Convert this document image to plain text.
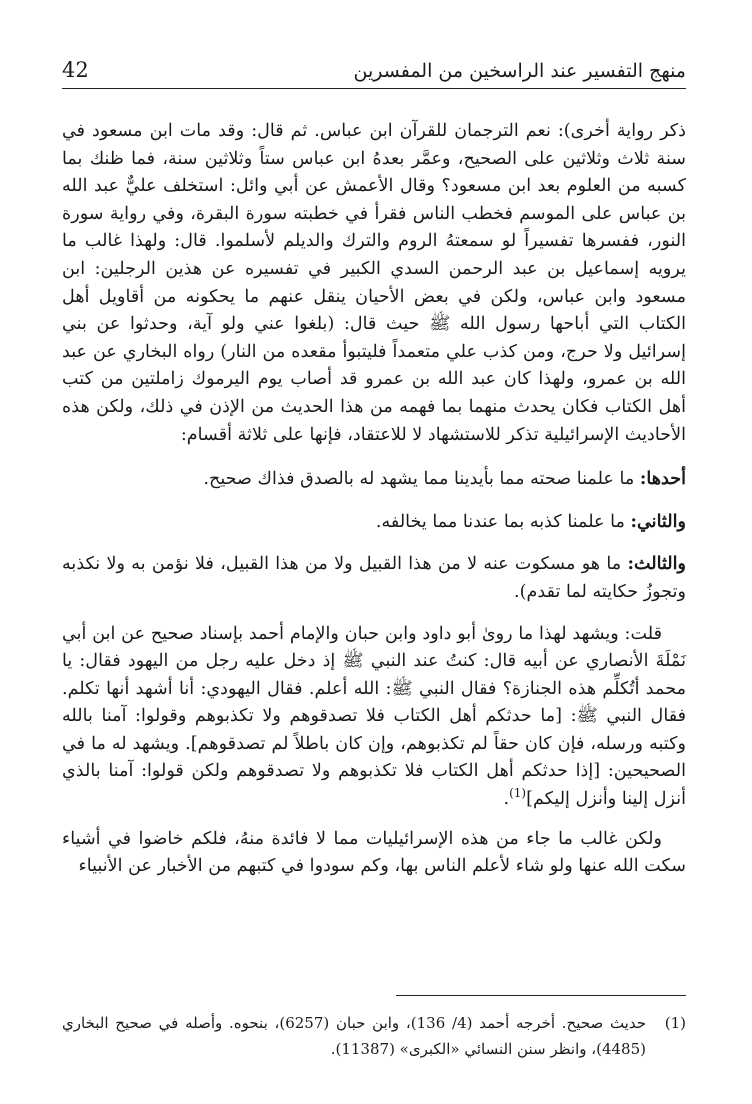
منهج التفسير عند الراسخين من المفسرين
42

ذكر رواية أخرى): نعم الترجمان للقرآن ابن عباس. ثم قال: وقد مات ابن مسعود في سنة ثلاث وثلاثين على الصحيح، وعمَّر بعدهُ ابن عباس ستاً وثلاثين سنة، فما ظنك بما كسبه من العلوم بعد ابن مسعود؟ وقال الأعمش عن أبي وائل: استخلف عليٌّ عبد الله بن عباس على الموسم فخطب الناس فقرأ في خطبته سورة البقرة، وفي رواية سورة النور، ففسرها تفسيراً لو سمعتهُ الروم والترك والديلم لأسلموا. قال: ولهذا غالب ما يرويه إسماعيل بن عبد الرحمن السدي الكبير في تفسيره عن هذين الرجلين: ابن مسعود وابن عباس، ولكن في بعض الأحيان ينقل عنهم ما يحكونه من أقاويل أهل الكتاب التي أباحها رسول الله ﷺ حيث قال: (بلغوا عني ولو آية، وحدثوا عن بني إسرائيل ولا حرج، ومن كذب علي متعمداً فليتبوأ مقعده من النار) رواه البخاري عن عبد الله بن عمرو، ولهذا كان عبد الله بن عمرو قد أصاب يوم اليرموك زاملتين من كتب أهل الكتاب فكان يحدث منهما بما فهمه من هذا الحديث من الإذن في ذلك، ولكن هذه الأحاديث الإسرائيلية تذكر للاستشهاد لا للاعتقاد، فإنها على ثلاثة أقسام:

أحدها: ما علمنا صحته مما بأيدينا مما يشهد له بالصدق فذاك صحيح.

والثاني: ما علمنا كذبه بما عندنا مما يخالفه.

والثالث: ما هو مسكوت عنه لا من هذا القبيل ولا من هذا القبيل، فلا نؤمن به ولا نكذبه وتجوزُ حكايته لما تقدم).

قلت: ويشهد لهذا ما روىٰ أبو داود وابن حبان والإمام أحمد بإسناد صحيح عن ابن أبي نَمْلَةَ الأنصاري عن أبيه قال: كنتُ عند النبي ﷺ إذ دخل عليه رجل من اليهود فقال: يا محمد أتُكلِّم هذه الجنازة؟ فقال النبي ﷺ: الله أعلم. فقال اليهودي: أنا أشهد أنها تكلم. فقال النبي ﷺ: [ما حدثكم أهل الكتاب فلا تصدقوهم ولا تكذبوهم وقولوا: آمنا بالله وكتبه ورسله، فإن كان حقاً لم تكذبوهم، وإن كان باطلاً لم تصدقوهم]. ويشهد له ما في الصحيحين: [إذا حدثكم أهل الكتاب فلا تكذبوهم ولا تصدقوهم ولكن قولوا: آمنا بالذي أنزل إلينا وأنزل إليكم]$^{(1)}$.

ولكن غالب ما جاء من هذه الإسرائيليات مما لا فائدة منهُ، فلكم خاضوا في أشياء سكت الله عنها ولو شاء لأعلم الناس بها، وكم سودوا في كتبهم من الأخبار عن الأنبياء

(1)
حديث صحيح. أخرجه أحمد (4/ 136)، وابن حبان (6257)، بنحوه. وأصله في صحيح البخاري (4485)، وانظر سنن النسائي «الكبرى» (11387).
